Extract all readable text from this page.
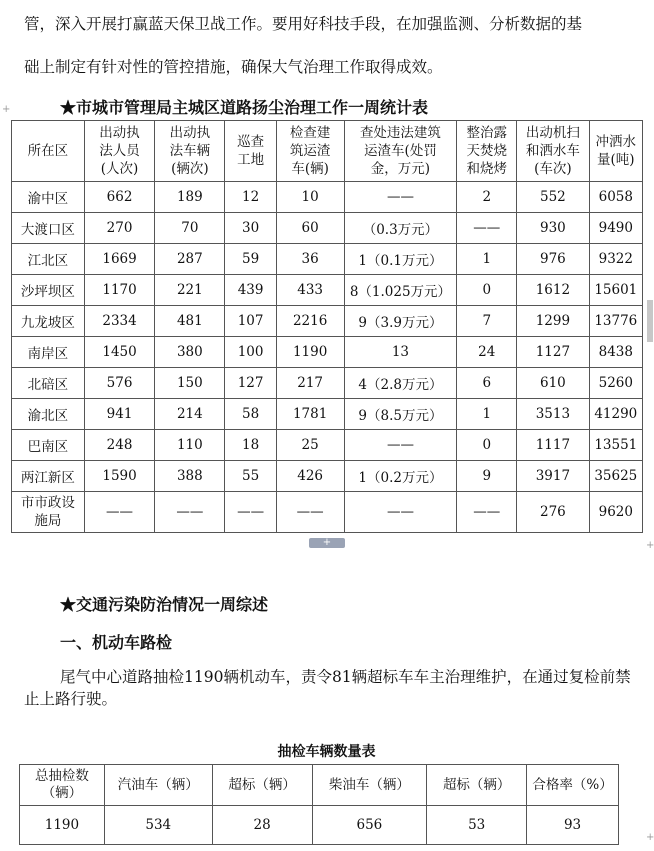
管，深入开展打赢蓝天保卫战工作。要用好科技手段，在加强监测、分析数据的基

础上制定有针对性的管控措施，确保大气治理工作取得成效。

+	★市城市管理局主城区道路扬尘治理工作一周统计表

所在区	出动执
法人员
(人次)	出动执
法车辆
(辆次)	巡查
工地	检查建
筑运渣
车(辆)	查处违法建筑
运渣车(处罚
金，万元)	整治露
天焚烧
和烧烤	出动机扫
和洒水车
(车次)	冲洒水
量(吨)
渝中区	662	189	12	10	——	2	552	6058
大渡口区	270	70	30	60	（0.3万元）	——	930	9490
江北区	1669	287	59	36	1（0.1万元）	1	976	9322
沙坪坝区	1170	221	439	433	8（1.025万元）	0	1612	15601
九龙坡区	2334	481	107	2216	9（3.9万元）	7	1299	13776
南岸区	1450	380	100	1190	13	24	1127	8438
北碚区	576	150	127	217	4（2.8万元）	6	610	5260
渝北区	941	214	58	1781	9（8.5万元）	1	3513	41290
巴南区	248	110	18	25	——	0	1117	13551
两江新区	1590	388	55	426	1（0.2万元）	9	3917	35625
市市政设
施局	——	——	——	——	——	——	276	9620
+	+

★交通污染防治情况一周综述

一、机动车路检

尾气中心道路抽检1190辆机动车，责令81辆超标车车主治理维护，在通过复检前禁止上路行驶。

抽检车辆数量表

总抽检数
（辆）	汽油车（辆）	超标（辆）	柴油车（辆）	超标（辆）	合格率（%）
1190	534	28	656	53	93
+
